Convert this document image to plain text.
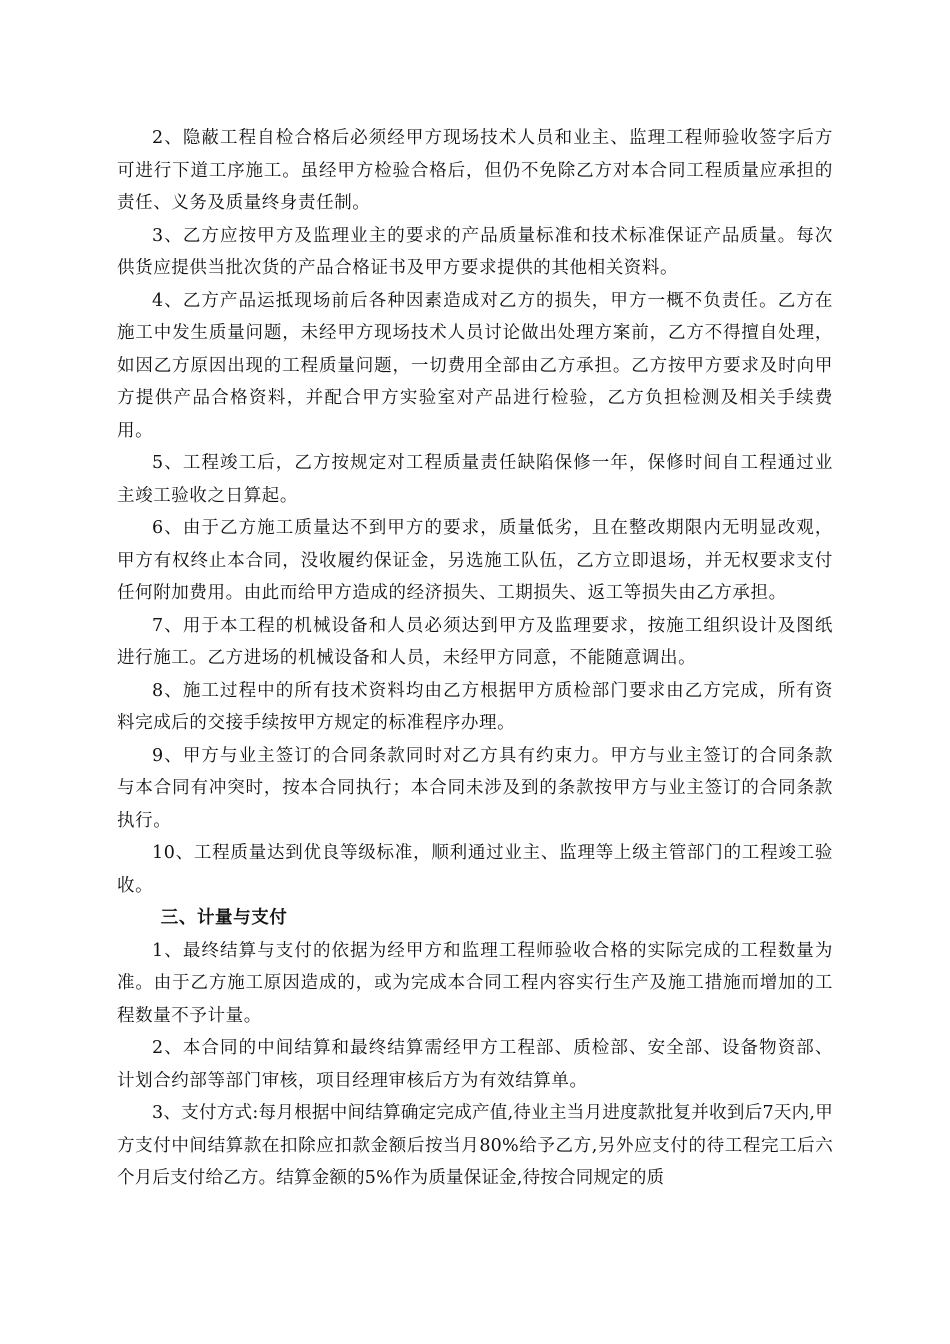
2、隐蔽工程自检合格后必须经甲方现场技术人员和业主、监理工程师验收签字后方可进行下道工序施工。虽经甲方检验合格后，但仍不免除乙方对本合同工程质量应承担的责任、义务及质量终身责任制。

3、乙方应按甲方及监理业主的要求的产品质量标准和技术标准保证产品质量。每次供货应提供当批次货的产品合格证书及甲方要求提供的其他相关资料。

4、乙方产品运抵现场前后各种因素造成对乙方的损失，甲方一概不负责任。乙方在施工中发生质量问题，未经甲方现场技术人员讨论做出处理方案前，乙方不得擅自处理，如因乙方原因出现的工程质量问题，一切费用全部由乙方承担。乙方按甲方要求及时向甲方提供产品合格资料，并配合甲方实验室对产品进行检验，乙方负担检测及相关手续费用。

5、工程竣工后，乙方按规定对工程质量责任缺陷保修一年，保修时间自工程通过业主竣工验收之日算起。

6、由于乙方施工质量达不到甲方的要求，质量低劣，且在整改期限内无明显改观，甲方有权终止本合同，没收履约保证金，另选施工队伍，乙方立即退场，并无权要求支付任何附加费用。由此而给甲方造成的经济损失、工期损失、返工等损失由乙方承担。

7、用于本工程的机械设备和人员必须达到甲方及监理要求，按施工组织设计及图纸进行施工。乙方进场的机械设备和人员，未经甲方同意，不能随意调出。

8、施工过程中的所有技术资料均由乙方根据甲方质检部门要求由乙方完成，所有资料完成后的交接手续按甲方规定的标准程序办理。

9、甲方与业主签订的合同条款同时对乙方具有约束力。甲方与业主签订的合同条款与本合同有冲突时，按本合同执行；本合同未涉及到的条款按甲方与业主签订的合同条款执行。

10、工程质量达到优良等级标准，顺利通过业主、监理等上级主管部门的工程竣工验收。

三、计量与支付

1、最终结算与支付的依据为经甲方和监理工程师验收合格的实际完成的工程数量为准。由于乙方施工原因造成的，或为完成本合同工程内容实行生产及施工措施而增加的工程数量不予计量。

2、本合同的中间结算和最终结算需经甲方工程部、质检部、安全部、设备物资部、计划合约部等部门审核，项目经理审核后方为有效结算单。

3、支付方式:每月根据中间结算确定完成产值,待业主当月进度款批复并收到后7天内,甲方支付中间结算款在扣除应扣款金额后按当月80%给予乙方,另外应支付的待工程完工后六个月后支付给乙方。结算金额的5%作为质量保证金,待按合同规定的质
